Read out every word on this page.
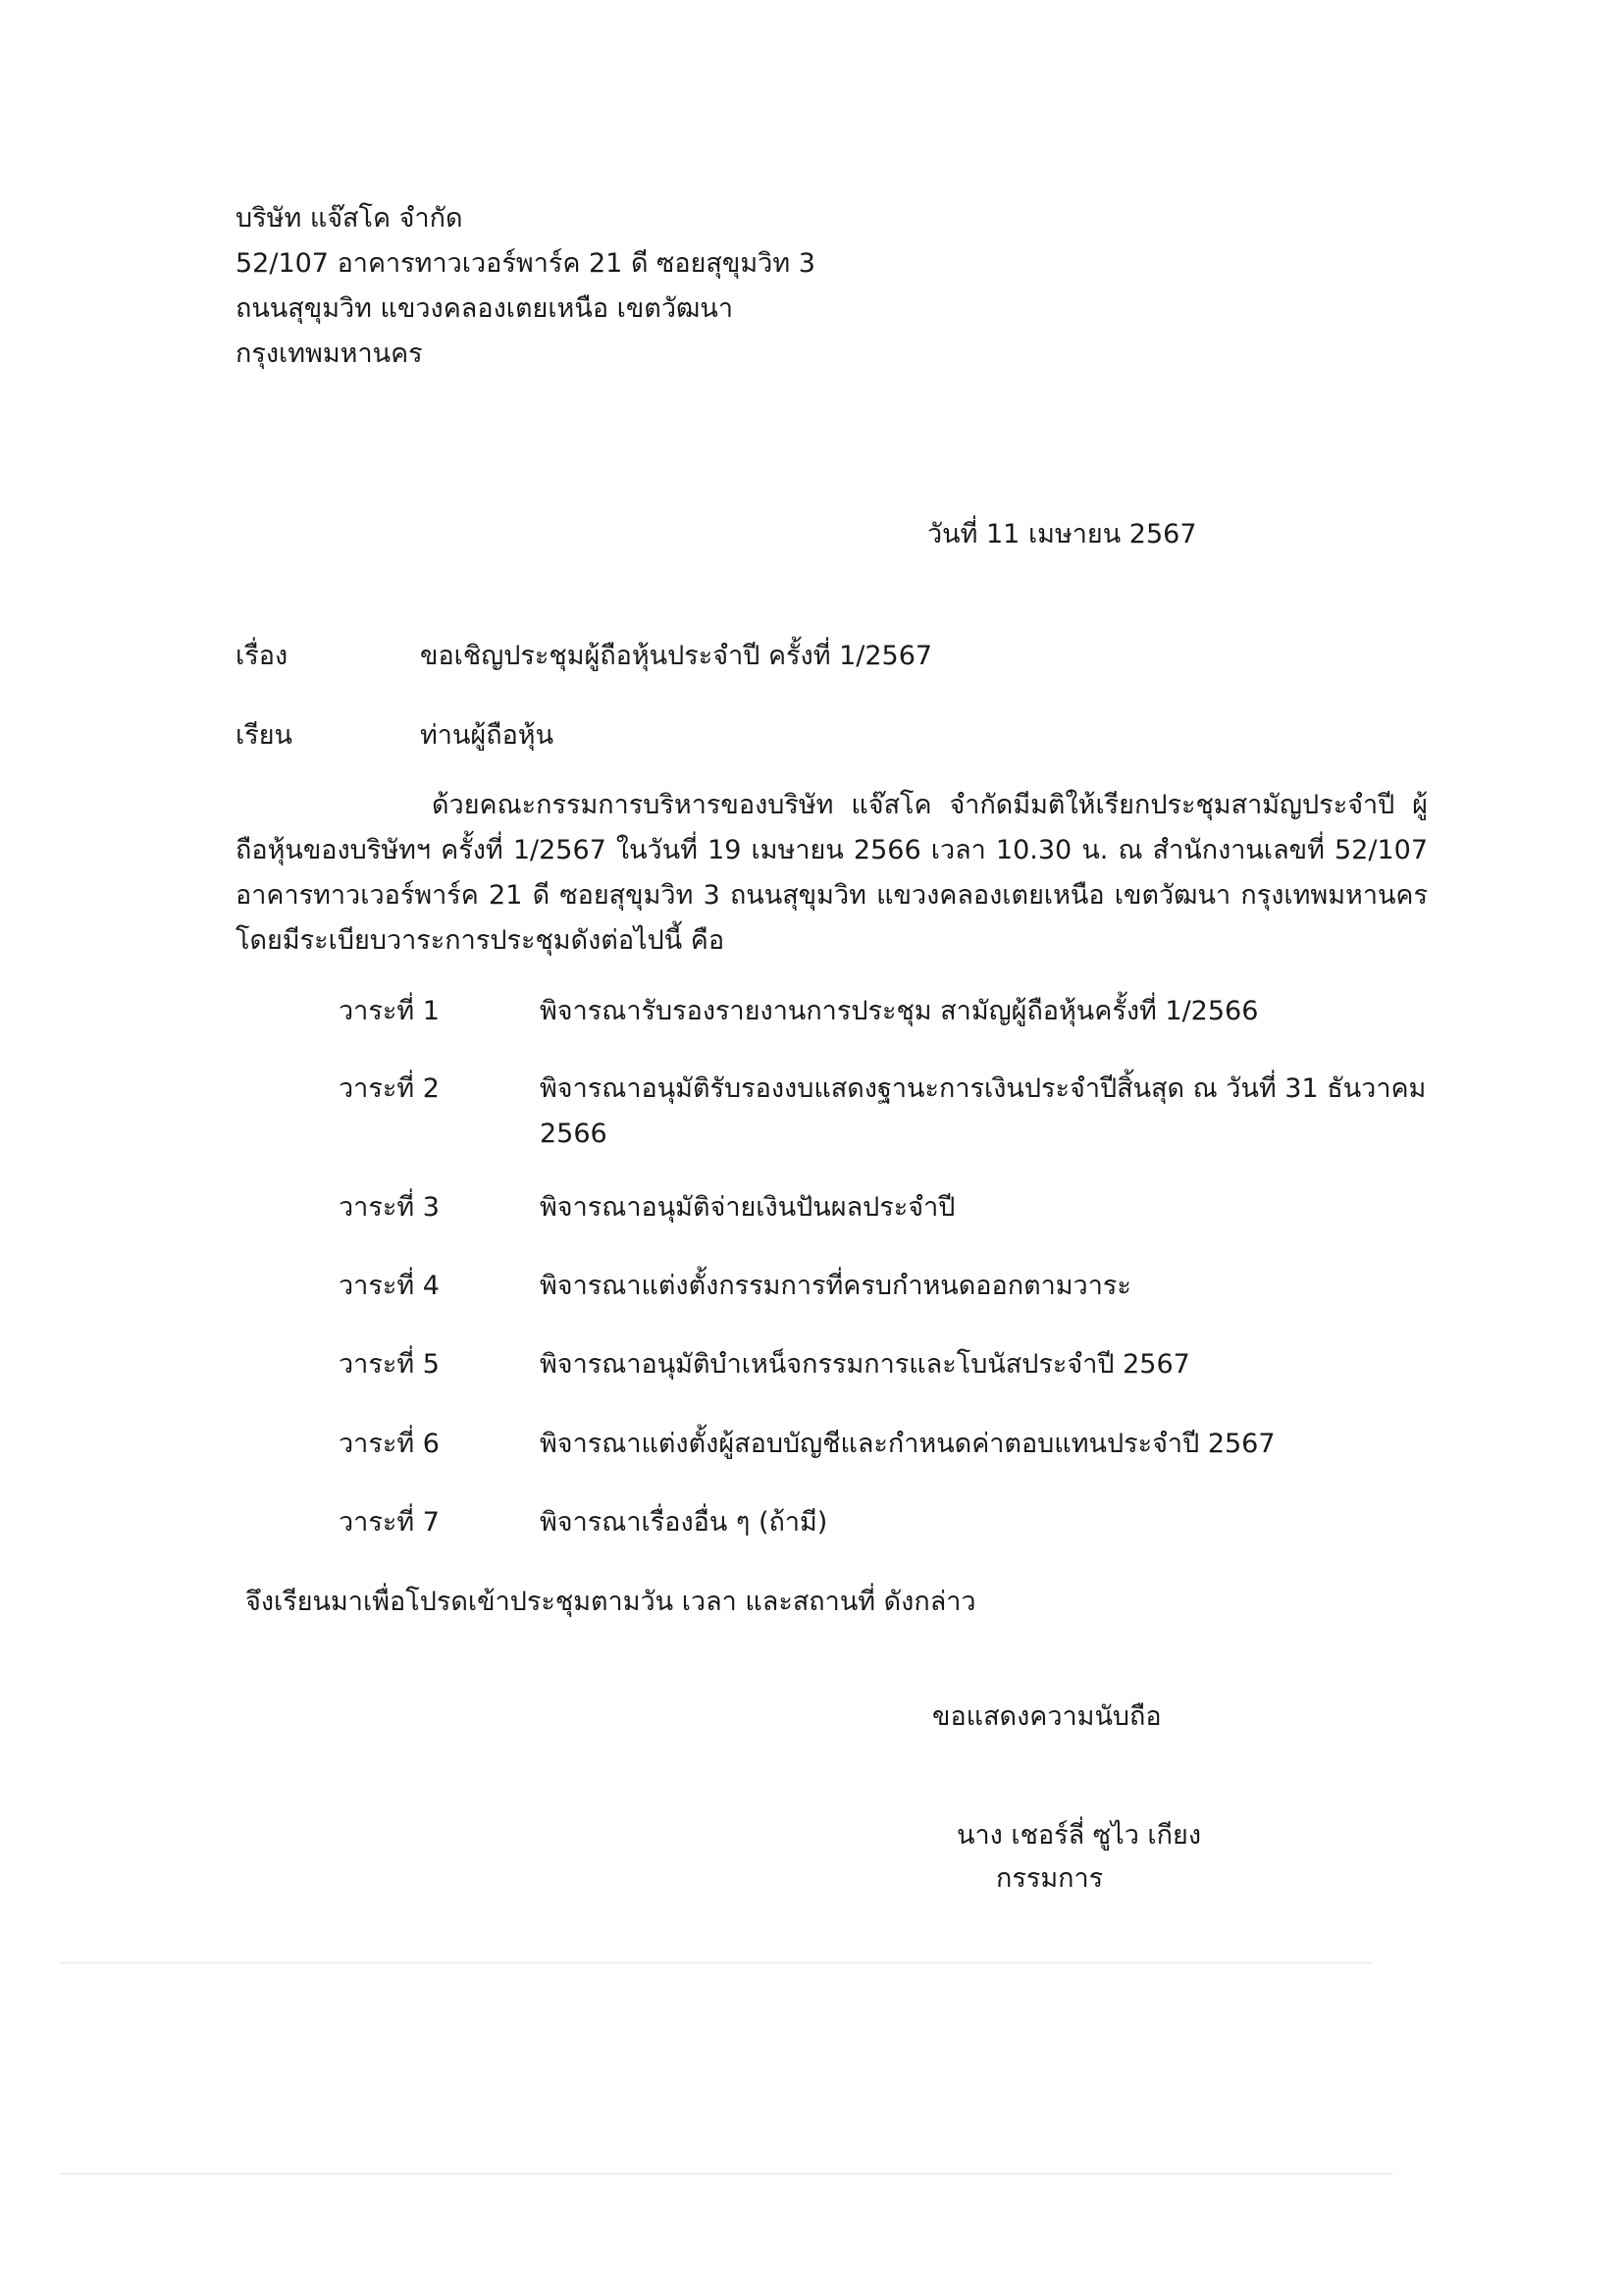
บริษัท แจ๊สโค จำกัด
52/107 อาคารทาวเวอร์พาร์ค 21 ดี ซอยสุขุมวิท 3
ถนนสุขุมวิท แขวงคลองเตยเหนือ เขตวัฒนา
กรุงเทพมหานคร
วันที่ 11 เมษายน 2567
เรื่อง	ขอเชิญประชุมผู้ถือหุ้นประจำปี ครั้งที่ 1/2567
เรียน	ท่านผู้ถือหุ้น
ด้วยคณะกรรมการบริหารของบริษัท แจ๊สโค จำกัดมีมติให้เรียกประชุมสามัญประจำปี ผู้ถือหุ้นของบริษัทฯ ครั้งที่ 1/2567 ในวันที่ 19 เมษายน 2566 เวลา 10.30 น. ณ สำนักงานเลขที่ 52/107 อาคารทาวเวอร์พาร์ค 21 ดี ซอยสุขุมวิท 3 ถนนสุขุมวิท แขวงคลองเตยเหนือ เขตวัฒนา กรุงเทพมหานคร โดยมีระเบียบวาระการประชุมดังต่อไปนี้ คือ
วาระที่ 1	พิจารณารับรองรายงานการประชุม สามัญผู้ถือหุ้นครั้งที่ 1/2566
วาระที่ 2	พิจารณาอนุมัติรับรองงบแสดงฐานะการเงินประจำปีสิ้นสุด ณ วันที่ 31 ธันวาคม 2566
วาระที่ 3	พิจารณาอนุมัติจ่ายเงินปันผลประจำปี
วาระที่ 4	พิจารณาแต่งตั้งกรรมการที่ครบกำหนดออกตามวาระ
วาระที่ 5	พิจารณาอนุมัติบำเหน็จกรรมการและโบนัสประจำปี 2567
วาระที่ 6	พิจารณาแต่งตั้งผู้สอบบัญชีและกำหนดค่าตอบแทนประจำปี 2567
วาระที่ 7	พิจารณาเรื่องอื่น ๆ (ถ้ามี)
จึงเรียนมาเพื่อโปรดเข้าประชุมตามวัน เวลา และสถานที่ ดังกล่าว
ขอแสดงความนับถือ
นาง เชอร์ลี่ ซูไว เกียง
กรรมการ
